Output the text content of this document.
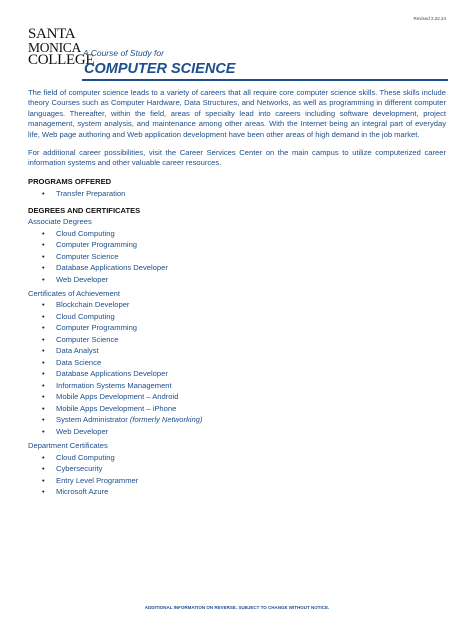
Revised 2.22.24
SANTA
MONICA
COLLEGE
A Course of Study for
COMPUTER SCIENCE

The field of computer science leads to a variety of careers that all require core computer science skills. These skills include theory Courses such as Computer Hardware, Data Structures, and Networks, as well as programming in different computer languages. Thereafter, within the field, areas of specialty lead into careers including software development, project management, system analysis, and maintenance among other areas. With the Internet being an integral part of everyday life, Web page authoring and Web application development have been other areas of high demand in the job market.

For additional career possibilities, visit the Career Services Center on the main campus to utilize computerized career information systems and other valuable career resources.

PROGRAMS OFFERED
• Transfer Preparation
DEGREES AND CERTIFICATES
Associate Degrees
• Cloud Computing
• Computer Programming
• Computer Science
• Database Applications Developer
• Web Developer
Certificates of Achievement
• Blockchain Developer
• Cloud Computing
• Computer Programming
• Computer Science
• Data Analyst
• Data Science
• Database Applications Developer
• Information Systems Management
• Mobile Apps Development – Android
• Mobile Apps Development – iPhone
• System Administrator (formerly Networking)
• Web Developer
Department Certificates
• Cloud Computing
• Cybersecurity
• Entry Level Programmer
• Microsoft Azure
ADDITIONAL INFORMATION ON REVERSE. SUBJECT TO CHANGE WITHOUT NOTICE.
